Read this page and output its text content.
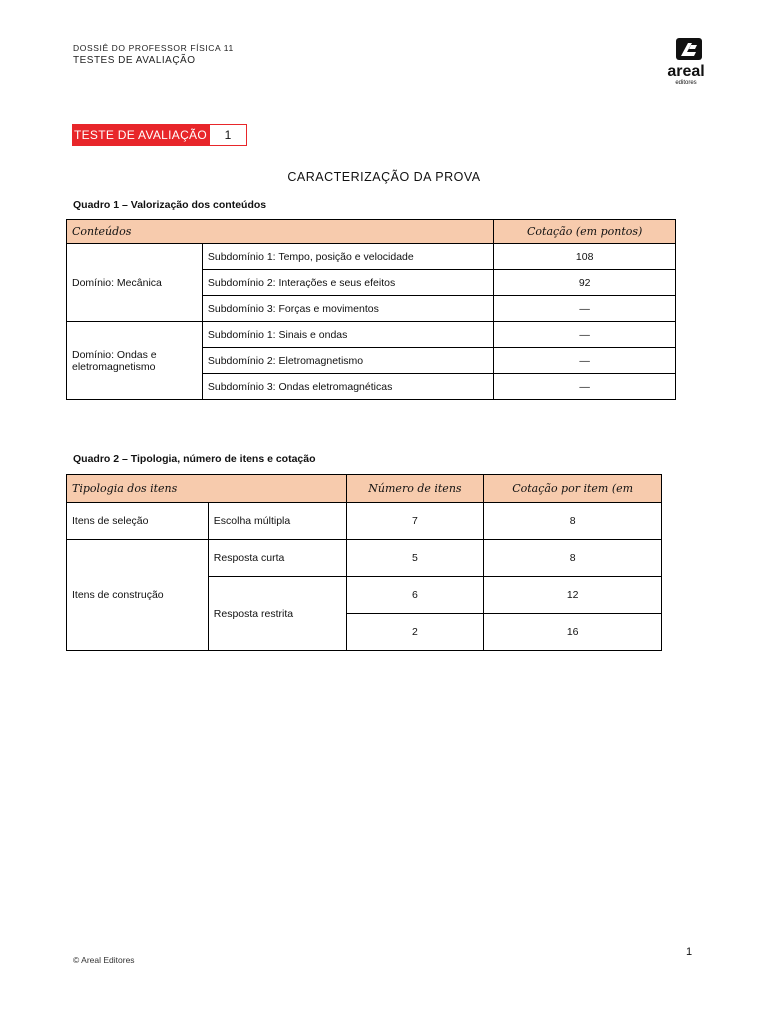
DOSSIÊ DO PROFESSOR FÍSICA 11
TESTES DE AVALIAÇÃO
areal
editores
TESTE DE AVALIAÇÃO	1
CARACTERIZAÇÃO DA PROVA
Quadro 1 – Valorização dos conteúdos
Conteúdos		Cotação (em pontos)
Domínio: Mecânica	Subdomínio 1: Tempo, posição e velocidade	108
	Subdomínio 2: Interações e seus efeitos	92
	Subdomínio 3: Forças e movimentos	—
Domínio: Ondas e eletromagnetismo	Subdomínio 1: Sinais e ondas	—
	Subdomínio 2: Eletromagnetismo	—
	Subdomínio 3: Ondas eletromagnéticas	—
Quadro 2 – Tipologia, número de itens e cotação
Tipologia dos itens		Número de itens	Cotação por item (em
Itens de seleção	Escolha múltipla	7	8
Itens de construção	Resposta curta	5	8
	Resposta restrita	6	12
		2	16
1
© Areal Editores
